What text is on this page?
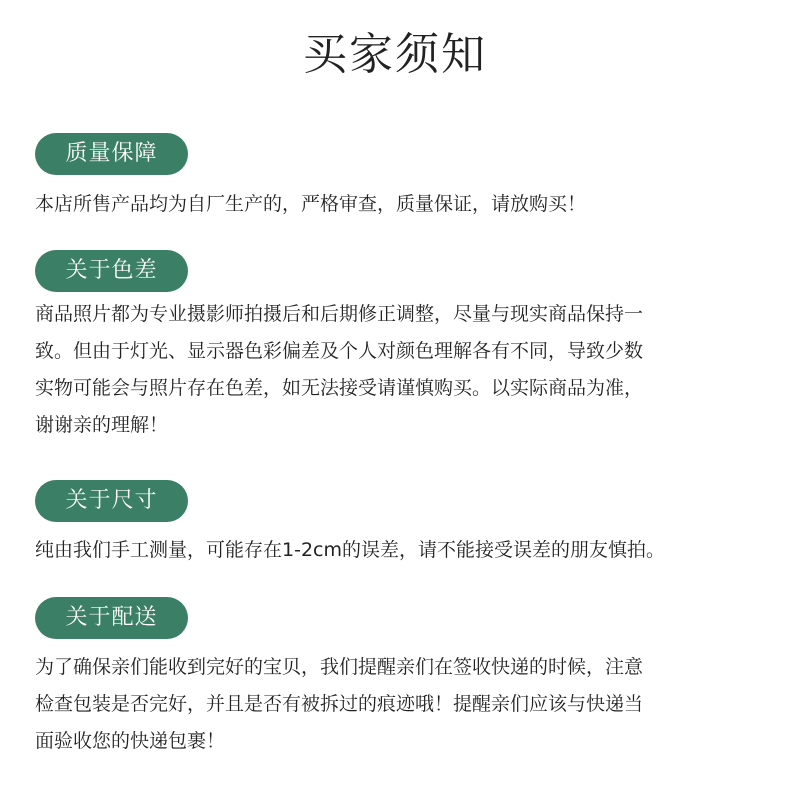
买家须知
质量保障
本店所售产品均为自厂生产的，严格审查，质量保证，请放购买！
关于色差
商品照片都为专业摄影师拍摄后和后期修正调整，尽量与现实商品保持一
致。但由于灯光、显示器色彩偏差及个人对颜色理解各有不同，导致少数
实物可能会与照片存在色差，如无法接受请谨慎购买。以实际商品为准，
谢谢亲的理解！
关于尺寸
纯由我们手工测量，可能存在1-2cm的误差，请不能接受误差的朋友慎拍。
关于配送
为了确保亲们能收到完好的宝贝，我们提醒亲们在签收快递的时候，注意
检查包装是否完好，并且是否有被拆过的痕迹哦！提醒亲们应该与快递当
面验收您的快递包裹！
